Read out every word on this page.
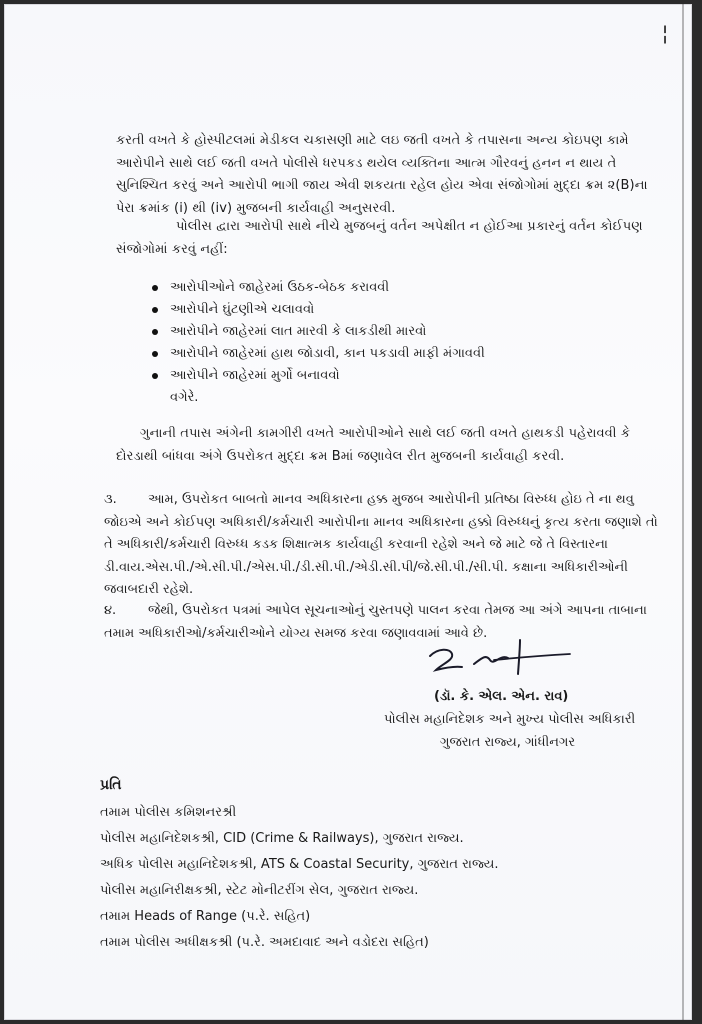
¦
કરતી વખતે કે હોસ્પીટલમાં મેડીકલ ચકાસણી માટે લઇ જતી વખતે કે તપાસના અન્ય કોઇપણ કામે આરોપીને સાથે લઈ જતી વખતે પોલીસે ધરપકડ થયેલ વ્યક્તિના આત્મ ગૌરવનું હનન ન થાય તે સુનિશ્ચિત કરવું અને આરોપી ભાગી જાય એવી શકયતા રહેલ હોય એવા સંજોગોમાં મુદ્દા ક્રમ ૨(B)ના પેરા ક્રમાંક (i) થી (iv) મુજબની કાર્યવાહી અનુસરવી.
પોલીસ દ્વારા આરોપી સાથે નીચે મુજબનું વર્તન અપેક્ષીત ન હોઈઆ પ્રકારનું વર્તન કોઈપણ સંજોગોમાં કરવું નહીં:
આરોપીઓને જાહેરમાં ઉઠક-બેઠક કરાવવી
આરોપીને ઘુંટણીએ ચલાવવો
આરોપીને જાહેરમાં લાત મારવી કે લાકડીથી મારવો
આરોપીને જાહેરમાં હાથ જોડાવી, કાન પકડાવી માફી મંગાવવી
આરોપીને જાહેરમાં મુર્ગો બનાવવો
વગેરે.
ગુનાની તપાસ અંગેની કામગીરી વખતે આરોપીઓને સાથે લઈ જતી વખતે હાથકડી પહેરાવવી કે દોરડાથી બાંધવા અંગે ઉપરોકત મુદ્દા ક્રમ Bમાં જણાવેલ રીત મુજબની કાર્યવાહી કરવી.
૩. આમ, ઉપરોકત બાબતો માનવ અધિકારના હક્ક મુજબ આરોપીની પ્રતિષ્ઠા વિરુધ્ધ હોઇ તે ના થવુ જોઇએ અને કોઈપણ અધિકારી/કર્મચારી આરોપીના માનવ અધિકારના હક્કો વિરુધ્ધનું કૃત્ય કરતા જણાશે તો તે અધિકારી/કર્મચારી વિરુધ્ધ કડક શિક્ષાત્મક કાર્યવાહી કરવાની રહેશે અને જે માટે જે તે વિસ્તારના ડી.વાય.એસ.પી./એ.સી.પી./એસ.પી./ડી.સી.પી./એડી.સી.પી/જે.સી.પી./સી.પી. કક્ષાના અધિકારીઓની જવાબદારી રહેશે.
૪. જેથી, ઉપરોકત પત્રમાં આપેલ સૂચનાઓનું ચુસ્તપણે પાલન કરવા તેમજ આ અંગે આપના તાબાના તમામ અધિકારીઓ/કર્મચારીઓને યોગ્ય સમજ કરવા જણાવવામાં આવે છે.
(ડૉ. કે. એલ. એન. રાવ)
પોલીસ મહાનિદેશક અને મુખ્ય પોલીસ અધિકારી
ગુજરાત રાજ્ય, ગાંધીનગર
પ્રતિ
તમામ પોલીસ કમિશનરશ્રી
પોલીસ મહાનિદેશકશ્રી, CID (Crime & Railways), ગુજરાત રાજ્ય.
અધિક પોલીસ મહાનિદેશકશ્રી, ATS & Coastal Security, ગુજરાત રાજ્ય.
પોલીસ મહાનિરીક્ષકશ્રી, સ્ટેટ મોનીટરીંગ સેલ, ગુજરાત રાજ્ય.
તમામ Heads of Range (પ.રે. સહિત)
તમામ પોલીસ અધીક્ષકશ્રી (પ.રે. અમદાવાદ અને વડોદરા સહિત)
